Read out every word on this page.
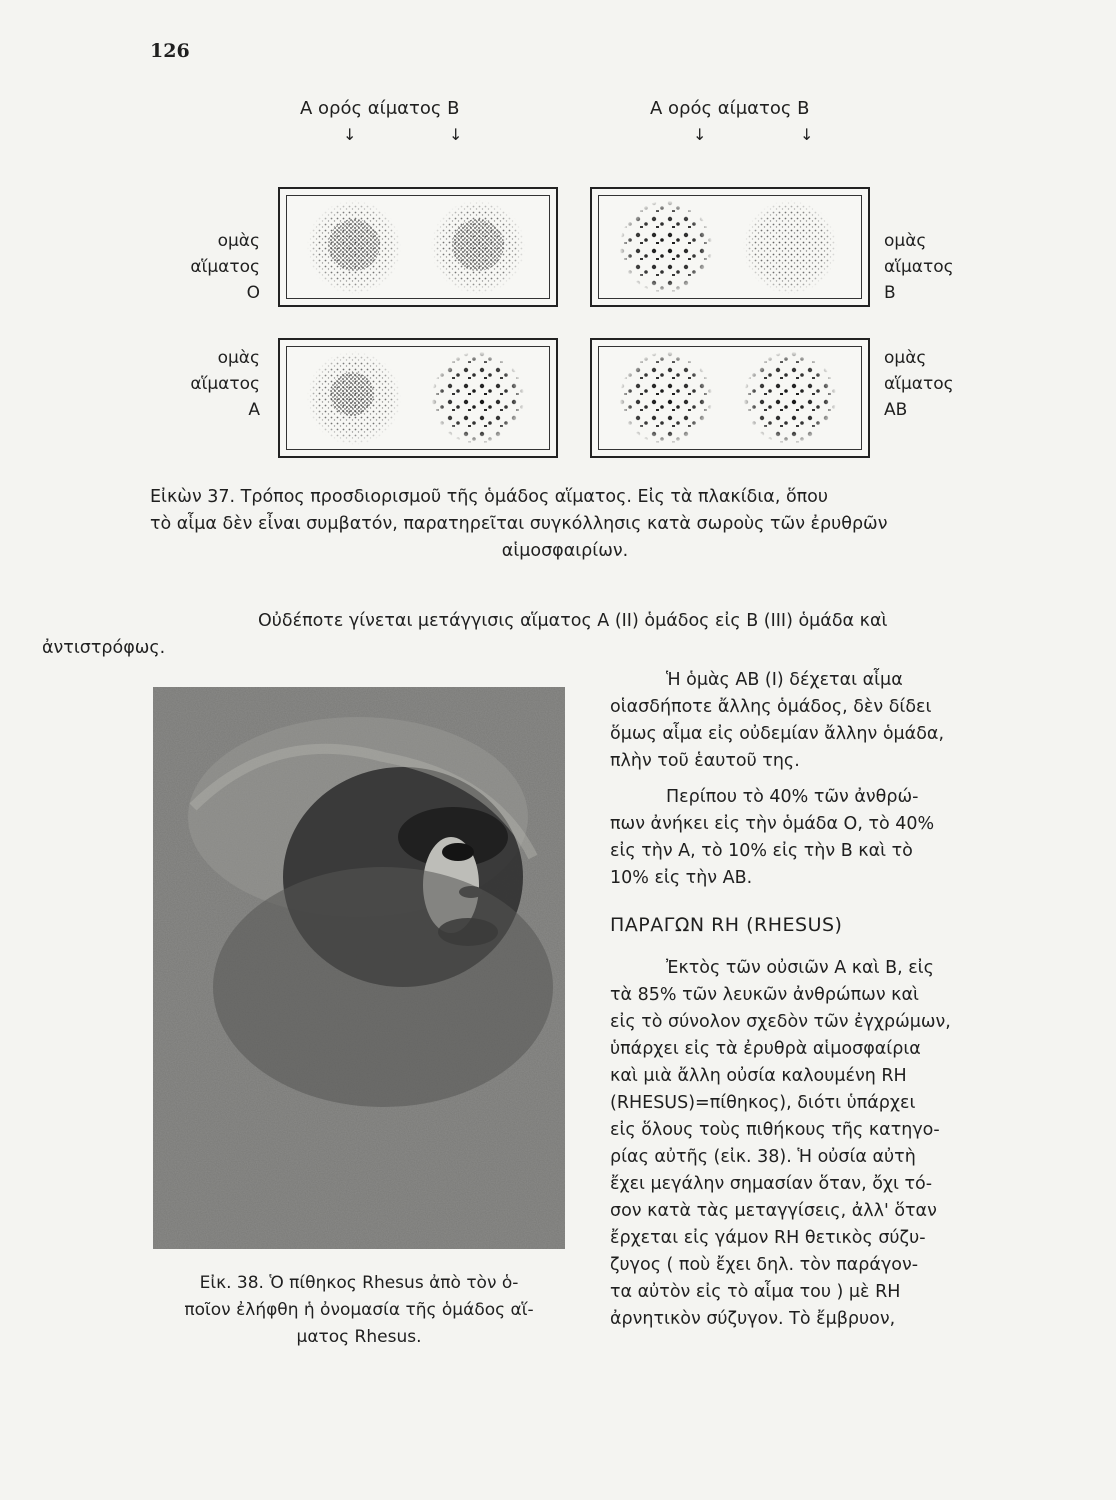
126
A ορός αίματος B	A ορός αίματος B
↓	↓	↓	↓
ομὰς
αἵματος
O
ομὰς
αἵματος
A
ομὰς
αἵματος
B
ομὰς
αἵματος
AB
Εἰκὼν 37. Τρόπος προσδιορισμοῦ τῆς ὁμάδος αἵματος. Εἰς τὰ πλακίδια, ὅπου
τὸ αἷμα δὲν εἶναι συμβατόν, παρατηρεῖται συγκόλλησις κατὰ σωροὺς τῶν ἐρυθρῶν
αἱμοσφαιρίων.
Οὐδέποτε γίνεται μετάγγισις αἵματος A (II) ὁμάδος εἰς B (III) ὁμάδα καὶ
ἀντιστρόφως.
Εἰκ. 38. Ὁ πίθηκος Rhesus ἀπὸ τὸν ὁ-
ποῖον ἐλήφθη ἡ ὀνομασία τῆς ὁμάδος αἵ-
ματος Rhesus.
Ἡ ὁμὰς AB (I) δέχεται αἷμα
οἱασδήποτε ἄλλης ὁμάδος, δὲν δίδει
ὅμως αἷμα εἰς οὐδεμίαν ἄλλην ὁμάδα,
πλὴν τοῦ ἑαυτοῦ της.
Περίπου τὸ 40% τῶν ἀνθρώ-
πων ἀνήκει εἰς τὴν ὁμάδα O, τὸ 40%
εἰς τὴν A, τὸ 10% εἰς τὴν B καὶ τὸ
10% εἰς τὴν AB.
ΠΑΡΑΓΩΝ RH (RHESUS)
Ἐκτὸς τῶν οὐσιῶν A καὶ B, εἰς
τὰ 85% τῶν λευκῶν ἀνθρώπων καὶ
εἰς τὸ σύνολον σχεδὸν τῶν ἐγχρώμων,
ὑπάρχει εἰς τὰ ἐρυθρὰ αἱμοσφαίρια
καὶ μιὰ ἄλλη οὐσία καλουμένη RH
(RHESUS)=πίθηκος), διότι ὑπάρχει
εἰς ὅλους τοὺς πιθήκους τῆς κατηγο-
ρίας αὐτῆς (εἰκ. 38). Ἡ οὐσία αὐτὴ
ἔχει μεγάλην σημασίαν ὅταν, ὄχι τό-
σον κατὰ τὰς μεταγγίσεις, ἀλλ' ὅταν
ἔρχεται εἰς γάμον RH θετικὸς σύζυ-
ζυγος ( ποὺ ἔχει δηλ. τὸν παράγον-
τα αὐτὸν εἰς τὸ αἷμα του ) μὲ RH
ἀρνητικὸν σύζυγον. Τὸ ἔμβρυον,
